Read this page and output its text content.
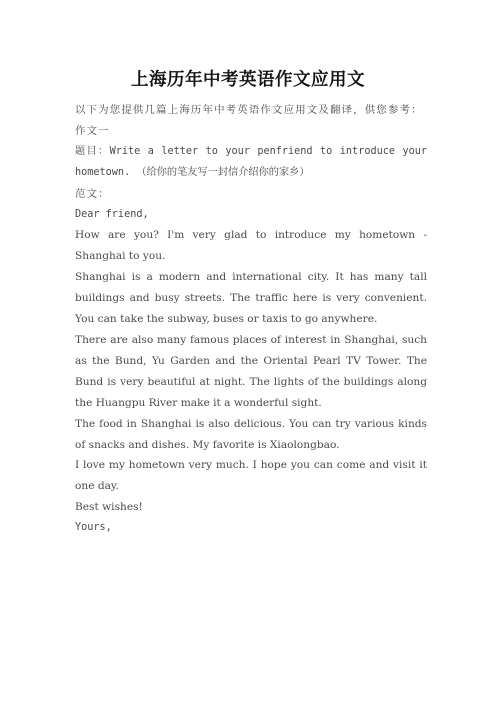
上海历年中考英语作文应用文

以下为您提供几篇上海历年中考英语作文应用文及翻译，供您参考：

作文一

题目：Write a letter to your penfriend to introduce your hometown. （给你的笔友写一封信介绍你的家乡）

范文：

Dear friend,

How are you? I'm very glad to introduce my hometown - Shanghai to you.

Shanghai is a modern and international city. It has many tall buildings and busy streets. The traffic here is very convenient. You can take the subway, buses or taxis to go anywhere.

There are also many famous places of interest in Shanghai, such as the Bund, Yu Garden and the Oriental Pearl TV Tower. The Bund is very beautiful at night. The lights of the buildings along the Huangpu River make it a wonderful sight.

The food in Shanghai is also delicious. You can try various kinds of snacks and dishes. My favorite is Xiaolongbao.

I love my hometown very much. I hope you can come and visit it one day.

Best wishes!

Yours,
